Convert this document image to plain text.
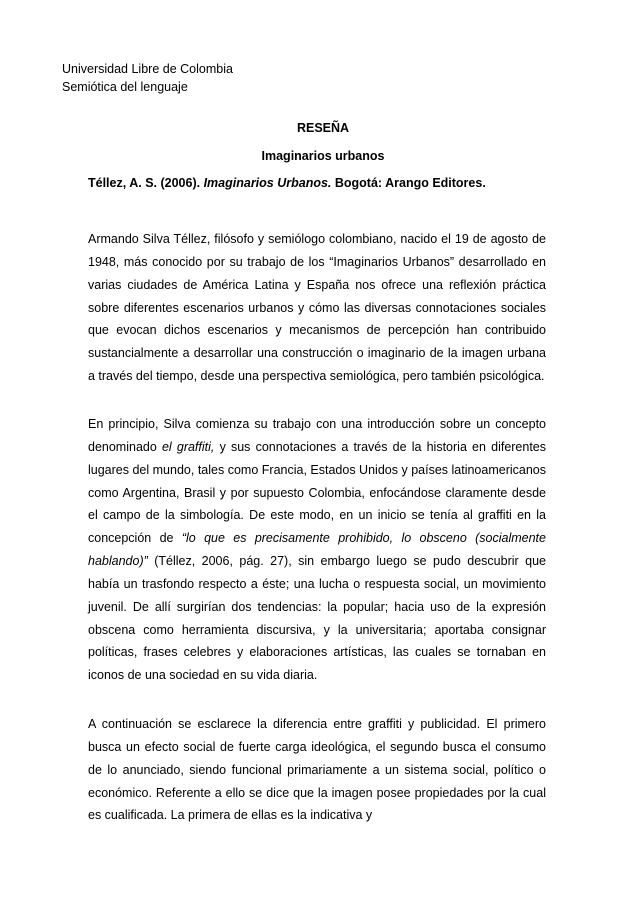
Universidad Libre de Colombia
Semiótica del lenguaje
RESEÑA
Imaginarios urbanos
Téllez, A. S. (2006). Imaginarios Urbanos. Bogotá: Arango Editores.
Armando Silva Téllez, filósofo y semiólogo colombiano, nacido el 19 de agosto de 1948, más conocido por su trabajo de los “Imaginarios Urbanos” desarrollado en varias ciudades de América Latina y España nos ofrece una reflexión práctica sobre diferentes escenarios urbanos y cómo las diversas connotaciones sociales que evocan dichos escenarios y mecanismos de percepción han contribuido sustancialmente a desarrollar una construcción o imaginario de la imagen urbana a través del tiempo, desde una perspectiva semiológica, pero también psicológica.
En principio, Silva comienza su trabajo con una introducción sobre un concepto denominado el graffiti, y sus connotaciones a través de la historia en diferentes lugares del mundo, tales como Francia, Estados Unidos y países latinoamericanos como Argentina, Brasil y por supuesto Colombia, enfocándose claramente desde el campo de la simbología. De este modo, en un inicio se tenía al graffiti en la concepción de “lo que es precisamente prohibido, lo obsceno (socialmente hablando)” (Téllez, 2006, pág. 27), sin embargo luego se pudo descubrir que había un trasfondo respecto a éste; una lucha o respuesta social, un movimiento juvenil. De allí surgirían dos tendencias: la popular; hacia uso de la expresión obscena como herramienta discursiva, y la universitaria; aportaba consignar políticas, frases celebres y elaboraciones artísticas, las cuales se tornaban en iconos de una sociedad en su vida diaria.
A continuación se esclarece la diferencia entre graffiti y publicidad. El primero busca un efecto social de fuerte carga ideológica, el segundo busca el consumo de lo anunciado, siendo funcional primariamente a un sistema social, político o económico. Referente a ello se dice que la imagen posee propiedades por la cual es cualificada. La primera de ellas es la indicativa y
